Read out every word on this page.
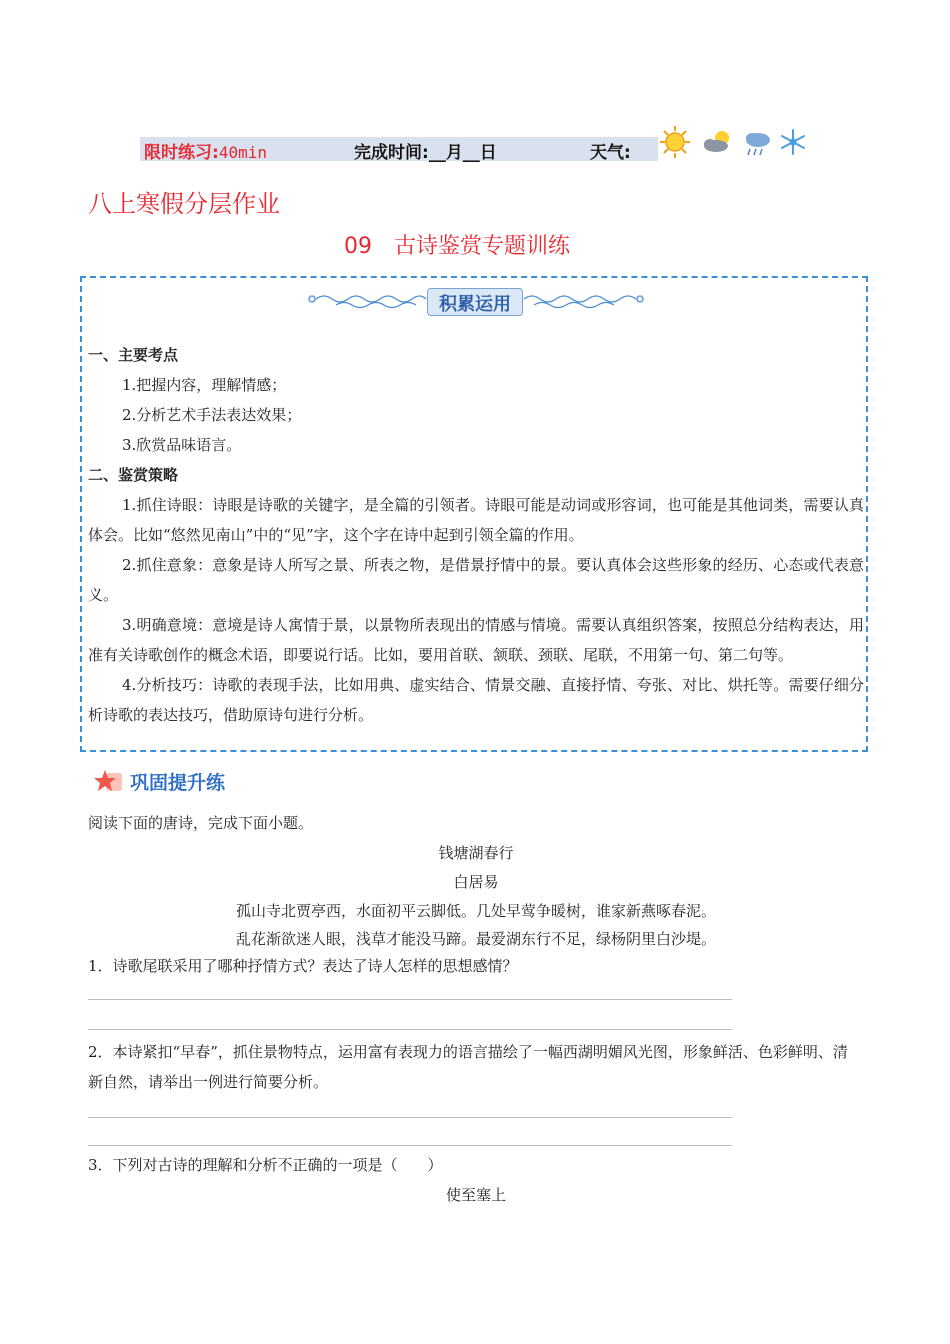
限时练习:40min	完成时间:__月__日	天气:
八上寒假分层作业
09　古诗鉴赏专题训练
积累运用
一、主要考点
1.把握内容，理解情感；
2.分析艺术手法表达效果；
3.欣赏品味语言。
二、鉴赏策略
1.抓住诗眼：诗眼是诗歌的关键字，是全篇的引领者。诗眼可能是动词或形容词，也可能是其他词类，需要认真体会。比如“悠然见南山”中的“见”字，这个字在诗中起到引领全篇的作用。
2.抓住意象：意象是诗人所写之景、所表之物，是借景抒情中的景。要认真体会这些形象的经历、心态或代表意义。
3.明确意境：意境是诗人寓情于景，以景物所表现出的情感与情境。需要认真组织答案，按照总分结构表达，用准有关诗歌创作的概念术语，即要说行话。比如，要用首联、颔联、颈联、尾联，不用第一句、第二句等。
4.分析技巧：诗歌的表现手法，比如用典、虚实结合、情景交融、直接抒情、夸张、对比、烘托等。需要仔细分析诗歌的表达技巧，借助原诗句进行分析。
巩固提升练
阅读下面的唐诗，完成下面小题。
钱塘湖春行
白居易
孤山寺北贾亭西，水面初平云脚低。几处早莺争暖树，谁家新燕啄春泥。
乱花渐欲迷人眼，浅草才能没马蹄。最爱湖东行不足，绿杨阴里白沙堤。
1．诗歌尾联采用了哪种抒情方式？表达了诗人怎样的思想感情？
2．本诗紧扣“早春”，抓住景物特点，运用富有表现力的语言描绘了一幅西湖明媚风光图，形象鲜活、色彩鲜明、清新自然，请举出一例进行简要分析。
3．下列对古诗的理解和分析不正确的一项是（　　）
使至塞上
